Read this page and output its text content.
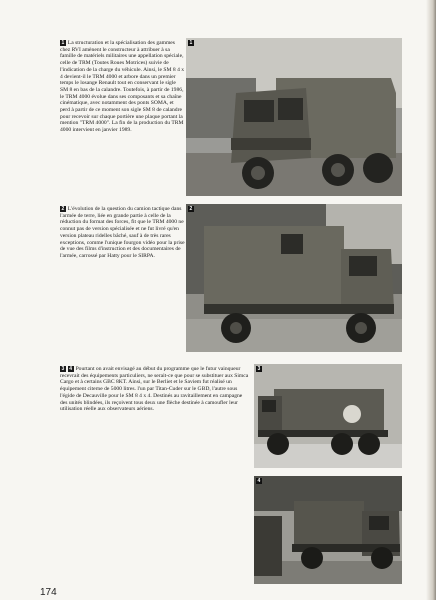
1 La structuration et la spécialisation des gammes chez RVI amènent le constructeur à attribuer à sa famille de matériels militaires une appellation spéciale, celle de TRM (Toutes Roues Motrices) suivie de l'indication de la charge du véhicule. Ainsi, le SM 8 4 x 4 devient-il le TRM 4000 et arbore dans un premier temps le losange Renault tout en conservant le sigle SM 8 en bas de la calandre. Toutefois, à partir de 1986, le TRM 4000 évolue dans ses composants et sa chaîne cinématique, avec notamment des ponts SOMA, et perd à partir de ce moment son sigle SM 8 de calandre pour recevoir sur chaque portière une plaque portant la mention "TRM 4000". La fin de la production du TRM 4000 intervient en janvier 1989.
1
2 L'évolution de la question du camion tactique dans l'armée de terre, liée en grande partie à celle de la réduction du format des forces, fit que le TRM 4000 ne connut pas de version spécialisée et ne fut livré qu'en version plateau ridelles bâché, sauf à de très rares exceptions, comme l'unique fourgon vidéo pour la prise de vue des films d'instruction et des documentaires de l'armée, carrossé par Hatty pour le SIRPA.
2
3 4 Pourtant on avait envisagé au début du programme que le futur vainqueur recevrait des équipements particuliers, ne serait-ce que pour se substituer aux Simca Cargo et à certains GBC 8KT. Ainsi, sur le Berliet et le Saviem fut réalisé un équipement citerne de 5000 litres. l'un par Titan-Cuder sur le GBD, l'autre sous l'égide de Decauville pour le SM 8 4 x 4. Destinés au ravitaillement en campagne des unités blindées, ils reçoivent tous deux une flèche destinée à camoufler leur utilisation réelle aux observateurs aériens.
3
4
174
